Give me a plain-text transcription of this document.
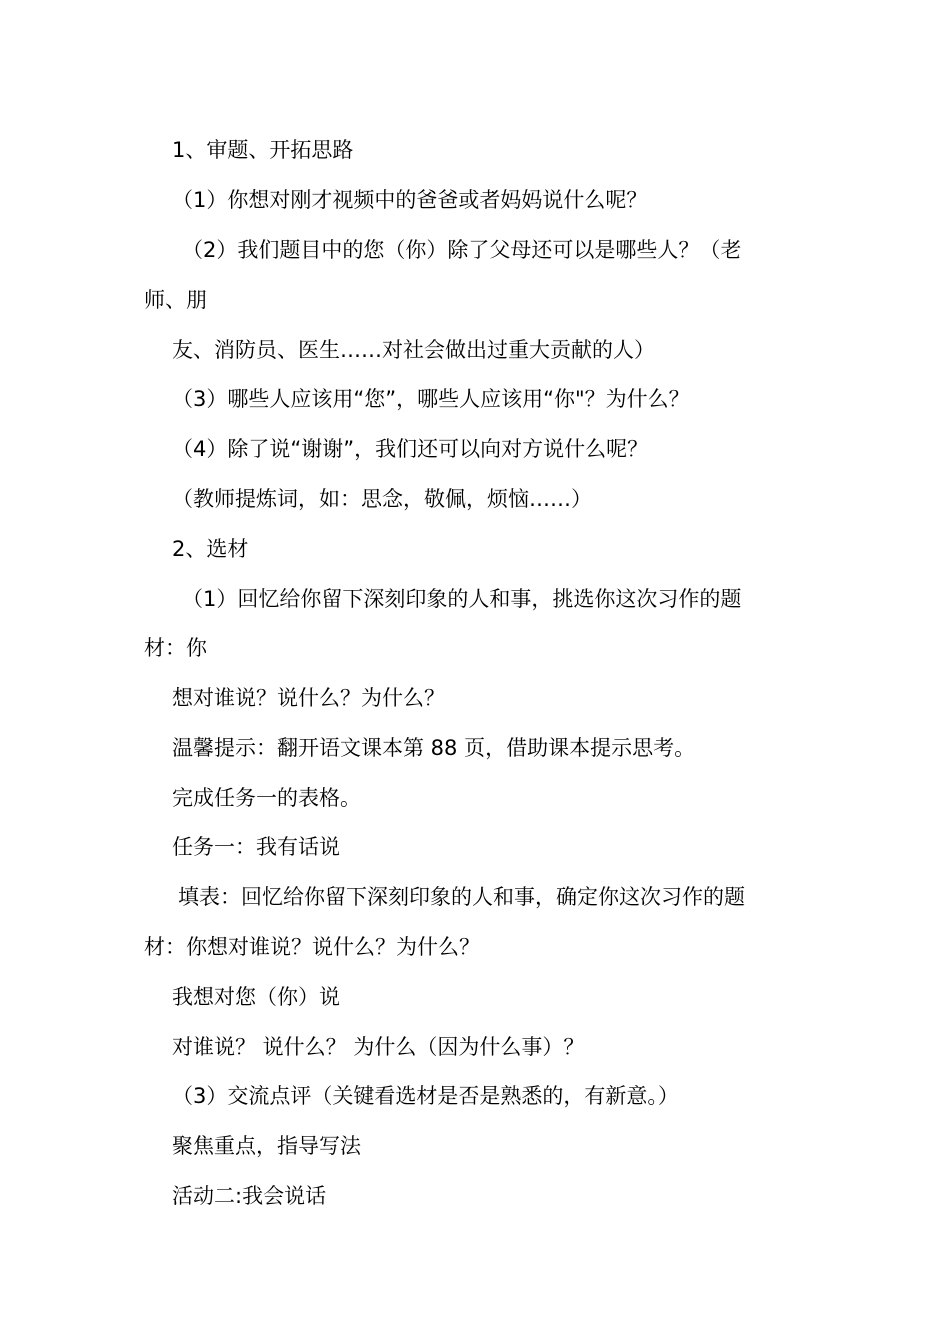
1、审题、开拓思路
（1）你想对刚才视频中的爸爸或者妈妈说什么呢？
（2）我们题目中的您（你）除了父母还可以是哪些人？（老
师、朋
友、消防员、医生……对社会做出过重大贡献的人）
（3）哪些人应该用“您”，哪些人应该用“你"？为什么？
（4）除了说“谢谢”，我们还可以向对方说什么呢？
（教师提炼词，如：思念，敬佩，烦恼……）
2、选材
（1）回忆给你留下深刻印象的人和事，挑选你这次习作的题
材：你
想对谁说？说什么？为什么？
温馨提示：翻开语文课本第 88 页，借助课本提示思考。
完成任务一的表格。
任务一：我有话说
填表：回忆给你留下深刻印象的人和事，确定你这次习作的题
材：你想对谁说？说什么？为什么？
我想对您（你）说
对谁说？ 说什么？ 为什么（因为什么事）？
（3）交流点评（关键看选材是否是熟悉的，有新意。）
聚焦重点，指导写法
活动二:我会说话
